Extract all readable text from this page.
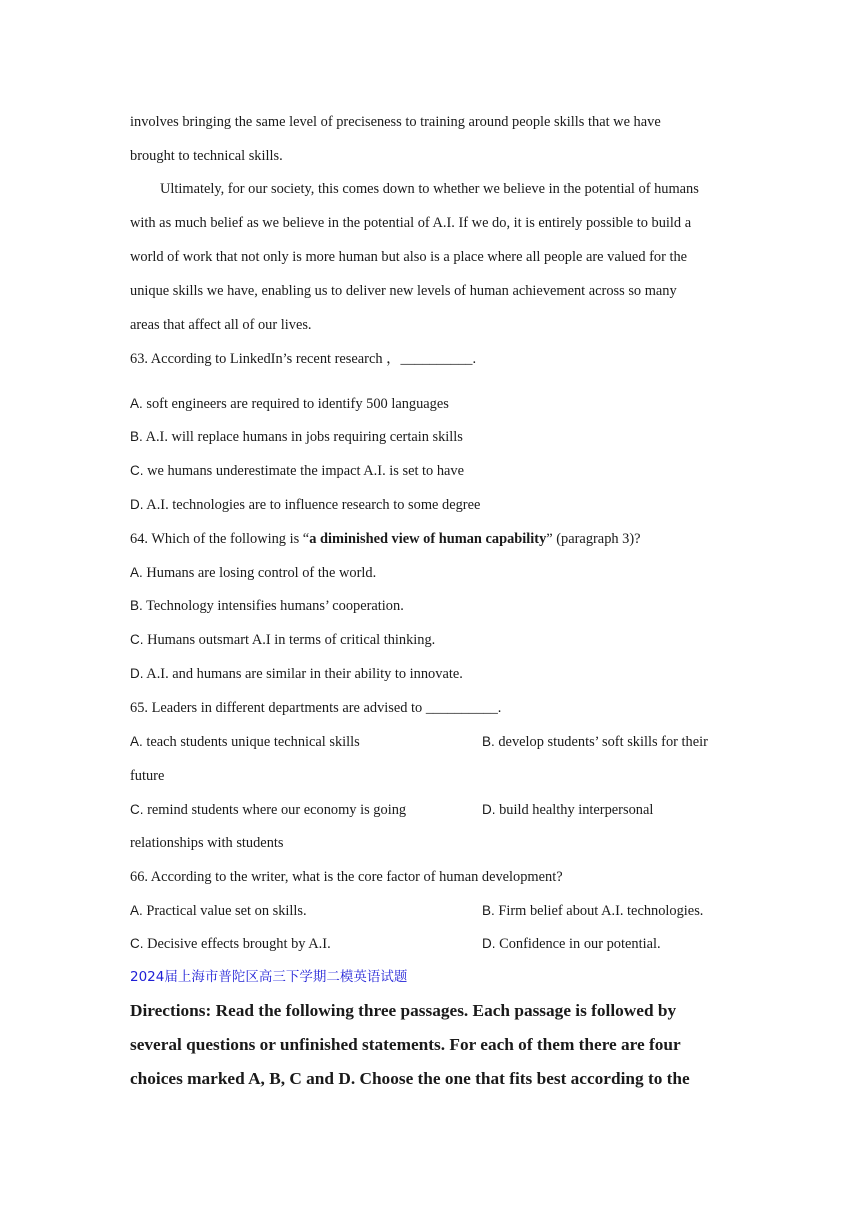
involves bringing the same level of preciseness to training around people skills that we have
brought to technical skills.
Ultimately, for our society, this comes down to whether we believe in the potential of humans
with as much belief as we believe in the potential of A.I. If we do, it is entirely possible to build a
world of work that not only is more human but also is a place where all people are valued for the
unique skills we have, enabling us to deliver new levels of human achievement across so many
areas that affect all of our lives.
63. According to LinkedIn’s recent research ，__________.
A. soft engineers are required to identify 500 languages
B. A.I. will replace humans in jobs requiring certain skills
C. we humans underestimate the impact A.I. is set to have
D. A.I. technologies are to influence research to some degree
64. Which of the following is “a diminished view of human capability” (paragraph 3)?
A. Humans are losing control of the world.
B. Technology intensifies humans’ cooperation.
C. Humans outsmart A.I in terms of critical thinking.
D. A.I. and humans are similar in their ability to innovate.
65. Leaders in different departments are advised to __________.
A. teach students unique technical skills	B. develop students’ soft skills for their
future
C. remind students where our economy is going	D. build healthy interpersonal
relationships with students
66. According to the writer, what is the core factor of human development?
A. Practical value set on skills.	B. Firm belief about A.I. technologies.
C. Decisive effects brought by A.I.	D. Confidence in our potential.
2024届上海市普陀区高三下学期二模英语试题
Directions: Read the following three passages. Each passage is followed by
several questions or unfinished statements. For each of them there are four
choices marked A, B, C and D. Choose the one that fits best according to the
